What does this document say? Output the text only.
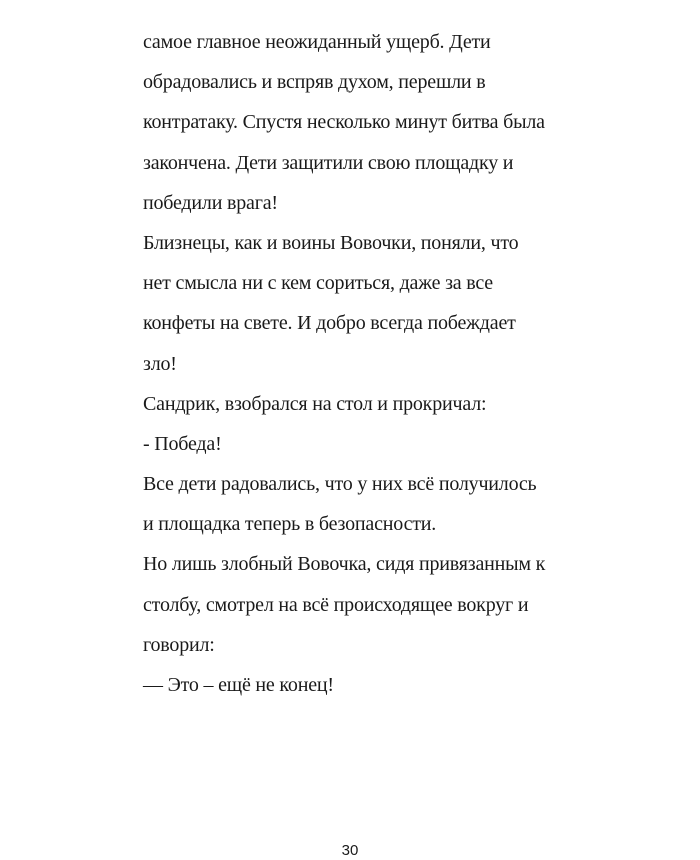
самое главное неожиданный ущерб. Дети
обрадовались и вспряв духом, перешли в
контратаку. Спустя несколько минут битва была
закончена. Дети защитили свою площадку и
победили врага!
Близнецы, как и воины Вовочки, поняли, что
нет смысла ни с кем сориться, даже за все
конфеты на свете. И добро всегда побеждает
зло!
Сандрик, взобрался на стол и прокричал:
- Победа!
Все дети радовались, что у них всё получилось
и площадка теперь в безопасности.
Но лишь злобный Вовочка, сидя привязанным к
столбу, смотрел на всё происходящее вокруг и
говорил:
— Это – ещё не конец!
30
